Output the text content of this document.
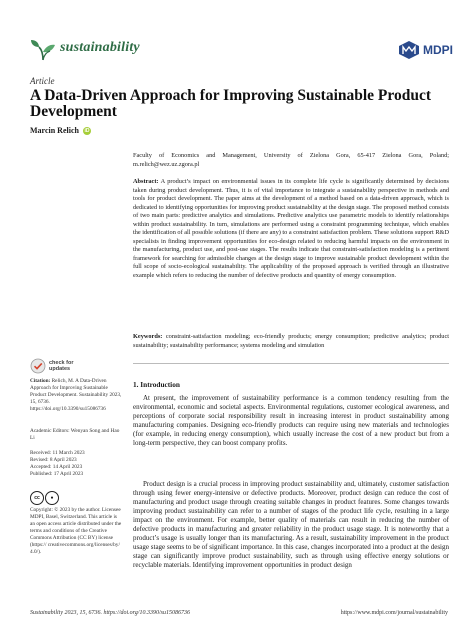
sustainability	MDPI
Article
A Data-Driven Approach for Improving Sustainable Product Development
Marcin Relich	iD
Faculty of Economics and Management, University of Zielona Gora, 65-417 Zielona Gora, Poland; m.relich@wez.uz.zgora.pl
Abstract: A product’s impact on environmental issues in its complete life cycle is significantly determined by decisions taken during product development. Thus, it is of vital importance to integrate a sustainability perspective in methods and tools for product development. The paper aims at the development of a method based on a data-driven approach, which is dedicated to identifying opportunities for improving product sustainability at the design stage. The proposed method consists of two main parts: predictive analytics and simulations. Predictive analytics use parametric models to identify relationships within product sustainability. In turn, simulations are performed using a constraint programming technique, which enables the identification of all possible solutions (if there are any) to a constraint satisfaction problem. These solutions support R&D specialists in finding improvement opportunities for eco-design related to reducing harmful impacts on the environment in the manufacturing, product use, and post-use stages. The results indicate that constraint-satisfaction modeling is a pertinent framework for searching for admissible changes at the design stage to improve sustainable product development within the full scope of socio-ecological sustainability. The applicability of the proposed approach is verified through an illustrative example which refers to reducing the number of defective products and quantity of energy consumption.
Keywords: constraint-satisfaction modeling; eco-friendly products; energy consumption; predictive analytics; product sustainability; sustainability performance; systems modeling and simulation
1. Introduction
At present, the improvement of sustainability performance is a common tendency resulting from the environmental, economic and societal aspects. Environmental regulations, customer ecological awareness, and perceptions of corporate social responsibility result in increasing interest in product sustainability among manufacturing companies. Designing eco-friendly products can require using new materials and technologies (for example, in reducing energy consumption), which usually increase the cost of a new product but from a long-term perspective, they can boost company profits.
Product design is a crucial process in improving product sustainability and, ultimately, customer satisfaction through using fewer energy-intensive or defective products. Moreover, product design can reduce the cost of manufacturing and product usage through creating suitable changes in product features. Some changes towards improving product sustainability can refer to a number of stages of the product life cycle, resulting in a large impact on the environment. For example, better quality of materials can result in reducing the number of defective products in manufacturing and greater reliability in the product usage stage. It is noteworthy that a product’s usage is usually longer than its manufacturing. As a result, sustainability improvement in the product usage stage seems to be of significant importance. In this case, changes incorporated into a product at the design stage can significantly improve product sustainability, such as through using effective energy solutions or recyclable materials. Identifying improvement opportunities in product design
check for
updates
Citation: Relich, M. A Data-Driven Approach for Improving Sustainable Product Development. Sustainability 2023, 15, 6736. https://doi.org/10.3390/su15086736
Academic Editors: Wenyan Song and Hao Li
Received: 11 March 2023
Revised: 8 April 2023
Accepted: 14 April 2023
Published: 17 April 2023
cc	●
Copyright: © 2023 by the author. Licensee MDPI, Basel, Switzerland. This article is an open access article distributed under the terms and conditions of the Creative Commons Attribution (CC BY) license (https:// creativecommons.org/licenses/by/ 4.0/).
Sustainability 2023, 15, 6736. https://doi.org/10.3390/su15086736	https://www.mdpi.com/journal/sustainability
